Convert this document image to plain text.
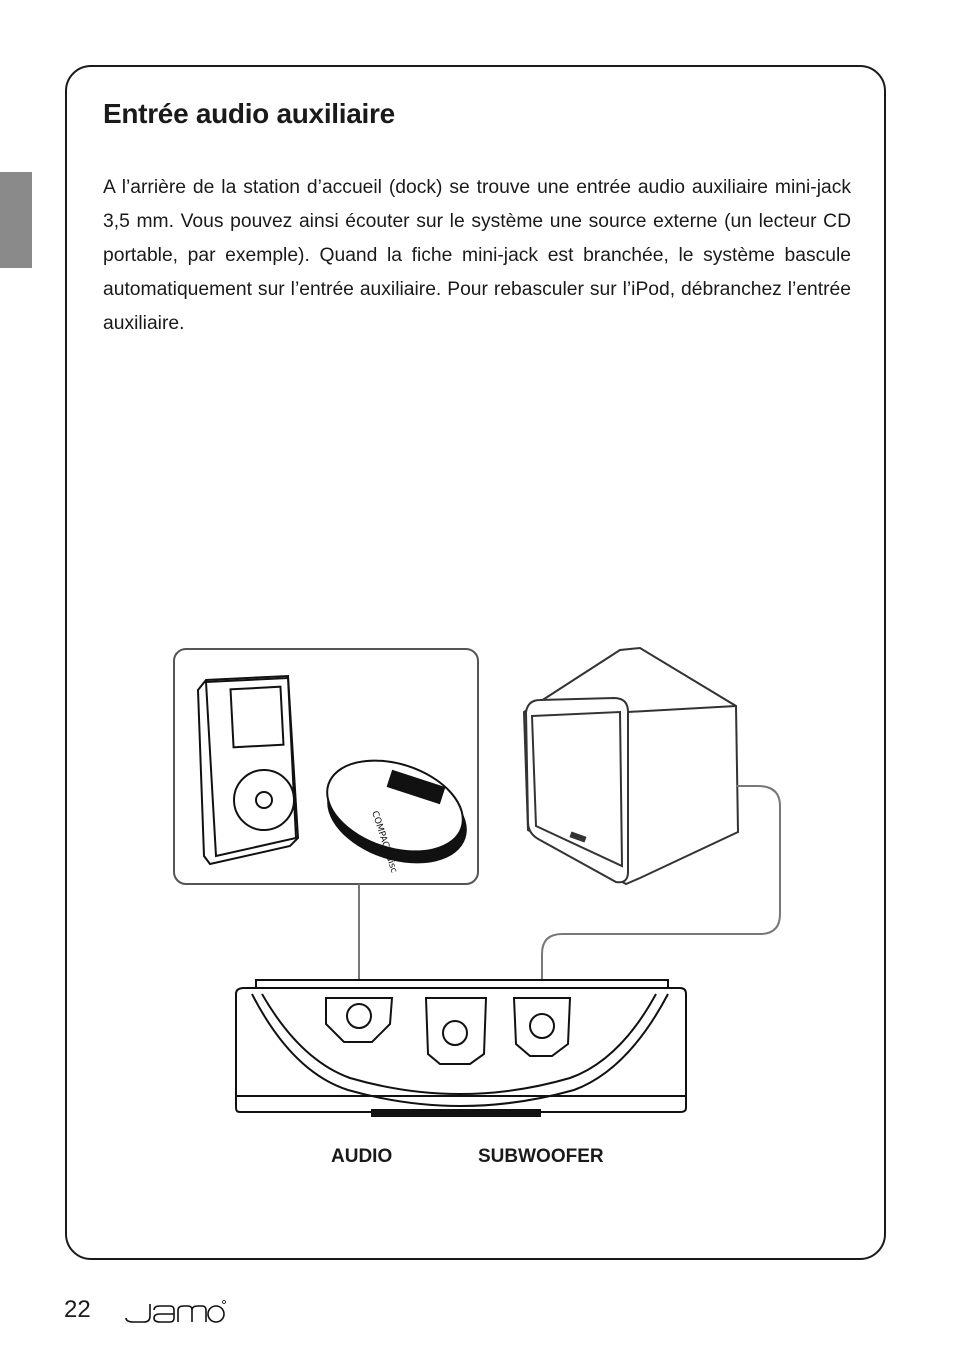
Entrée audio auxiliaire

A l’arrière de la station d’accueil (dock) se trouve une entrée audio auxiliaire mini-jack 3,5 mm. Vous pouvez ainsi écouter sur le système une source externe (un lecteur CD portable, par exemple). Quand la fiche mini-jack est branchée, le système bascule automatiquement sur l’entrée auxiliaire. Pour rebasculer sur l’iPod, débranchez l’entrée auxiliaire.

COMPACT disc

AUDIO	SUBWOOFER

22
